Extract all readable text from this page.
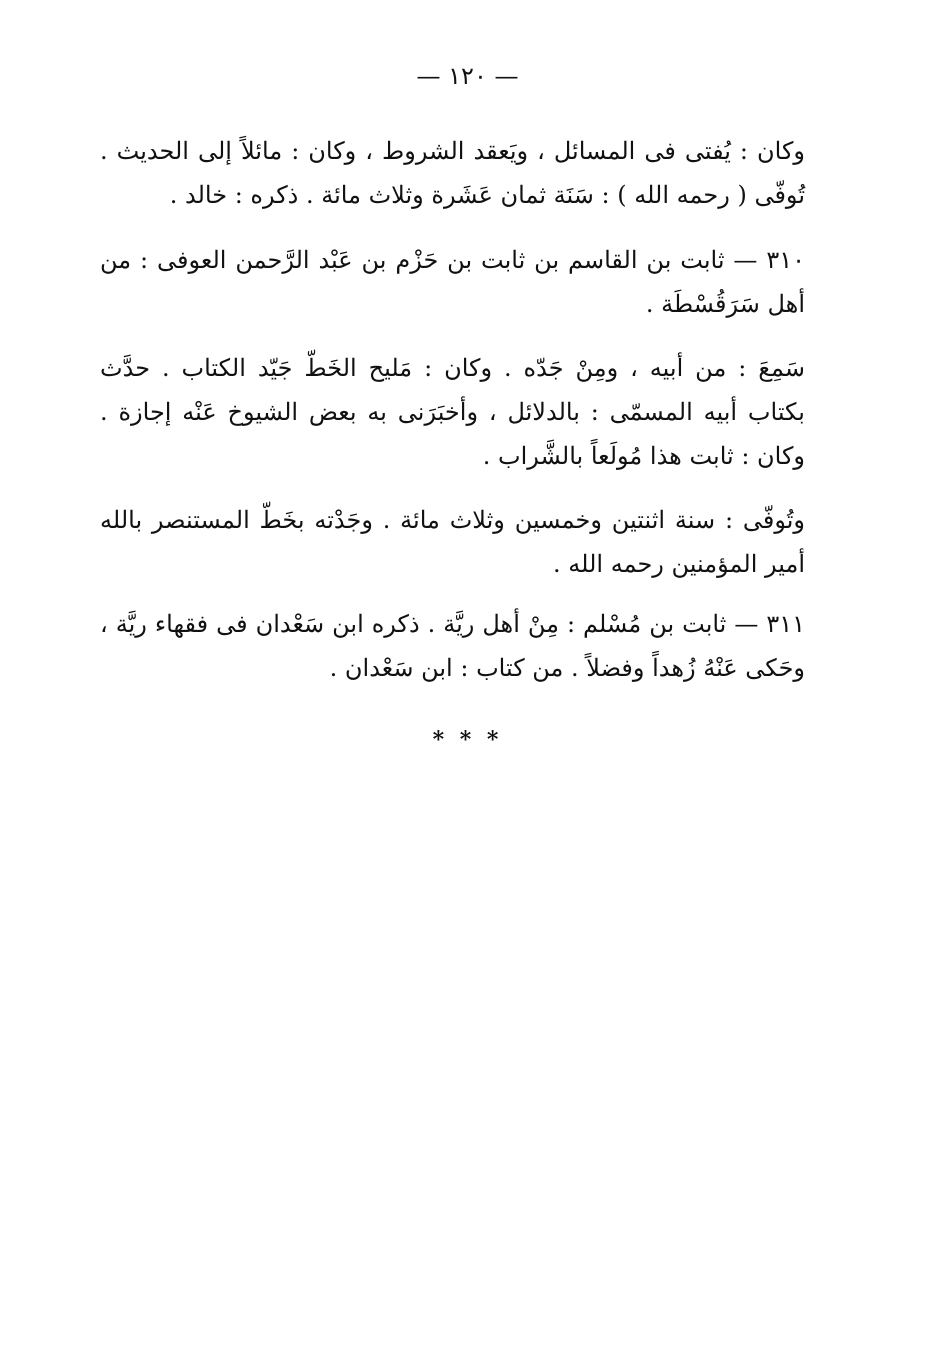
— ١٢٠ —
وكان : يُفتى فى المسائل ، ويَعقد الشروط ، وكان : مائلاً إلى الحديث . تُوفّى ( رحمه الله ) : سَنَة ثمان عَشَرة وثلاث مائة . ذكره : خالد .
٣١٠ — ثابت بن القاسم بن ثابت بن حَزْم بن عَبْد الرَّحمن العوفى : من أهل سَرَقُسْطَة .
سَمِعَ : من أبيه ، ومِنْ جَدّه . وكان : مَليح الخَطّ جَيّد الكتاب . حدَّث بكتاب أبيه المسمّى : بالدلائل ، وأخبَرَنى به بعض الشيوخ عَنْه إجازة . وكان : ثابت هذا مُولَعاً بالشَّراب .
وتُوفّى : سنة اثنتين وخمسين وثلاث مائة . وجَدْته بخَطّ المستنصر بالله أمير المؤمنين رحمه الله .
٣١١ — ثابت بن مُسْلم : مِنْ أهل ريَّة . ذكره ابن سَعْدان فى فقهاء ريَّة ، وحَكى عَنْهُ زُهداً وفضلاً . من كتاب : ابن سَعْدان .
* * *
